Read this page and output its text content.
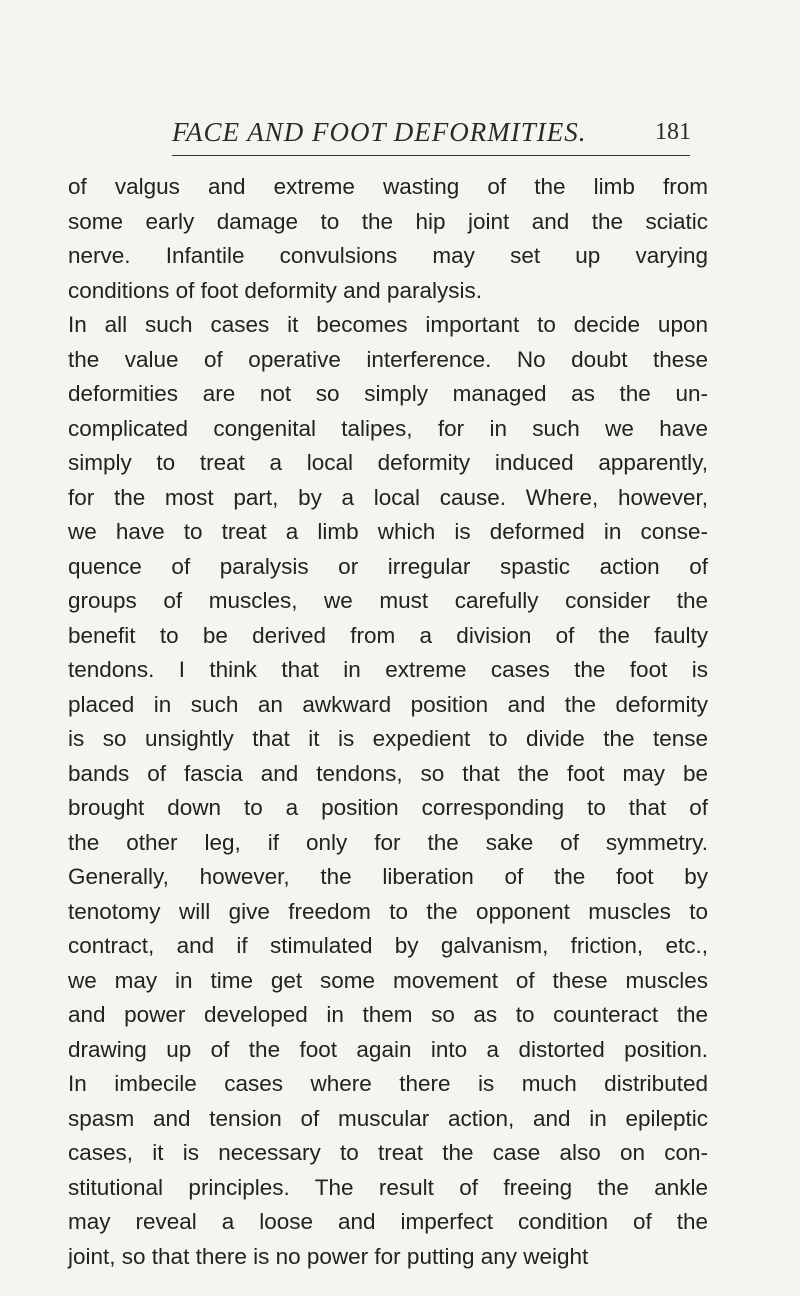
FACE AND FOOT DEFORMITIES.	181
of valgus and extreme wasting of the limb from
some early damage to the hip joint and the sciatic
nerve. Infantile convulsions may set up varying
conditions of foot deformity and paralysis.
In all such cases it becomes important to decide upon
the value of operative interference. No doubt these
deformities are not so simply managed as the un-
complicated congenital talipes, for in such we have
simply to treat a local deformity induced apparently,
for the most part, by a local cause. Where, however,
we have to treat a limb which is deformed in conse-
quence of paralysis or irregular spastic action of
groups of muscles, we must carefully consider the
benefit to be derived from a division of the faulty
tendons. I think that in extreme cases the foot is
placed in such an awkward position and the deformity
is so unsightly that it is expedient to divide the tense
bands of fascia and tendons, so that the foot may be
brought down to a position corresponding to that of
the other leg, if only for the sake of symmetry.
Generally, however, the liberation of the foot by
tenotomy will give freedom to the opponent muscles to
contract, and if stimulated by galvanism, friction, etc.,
we may in time get some movement of these muscles
and power developed in them so as to counteract the
drawing up of the foot again into a distorted position.
In imbecile cases where there is much distributed
spasm and tension of muscular action, and in epileptic
cases, it is necessary to treat the case also on con-
stitutional principles. The result of freeing the ankle
may reveal a loose and imperfect condition of the
joint, so that there is no power for putting any weight
